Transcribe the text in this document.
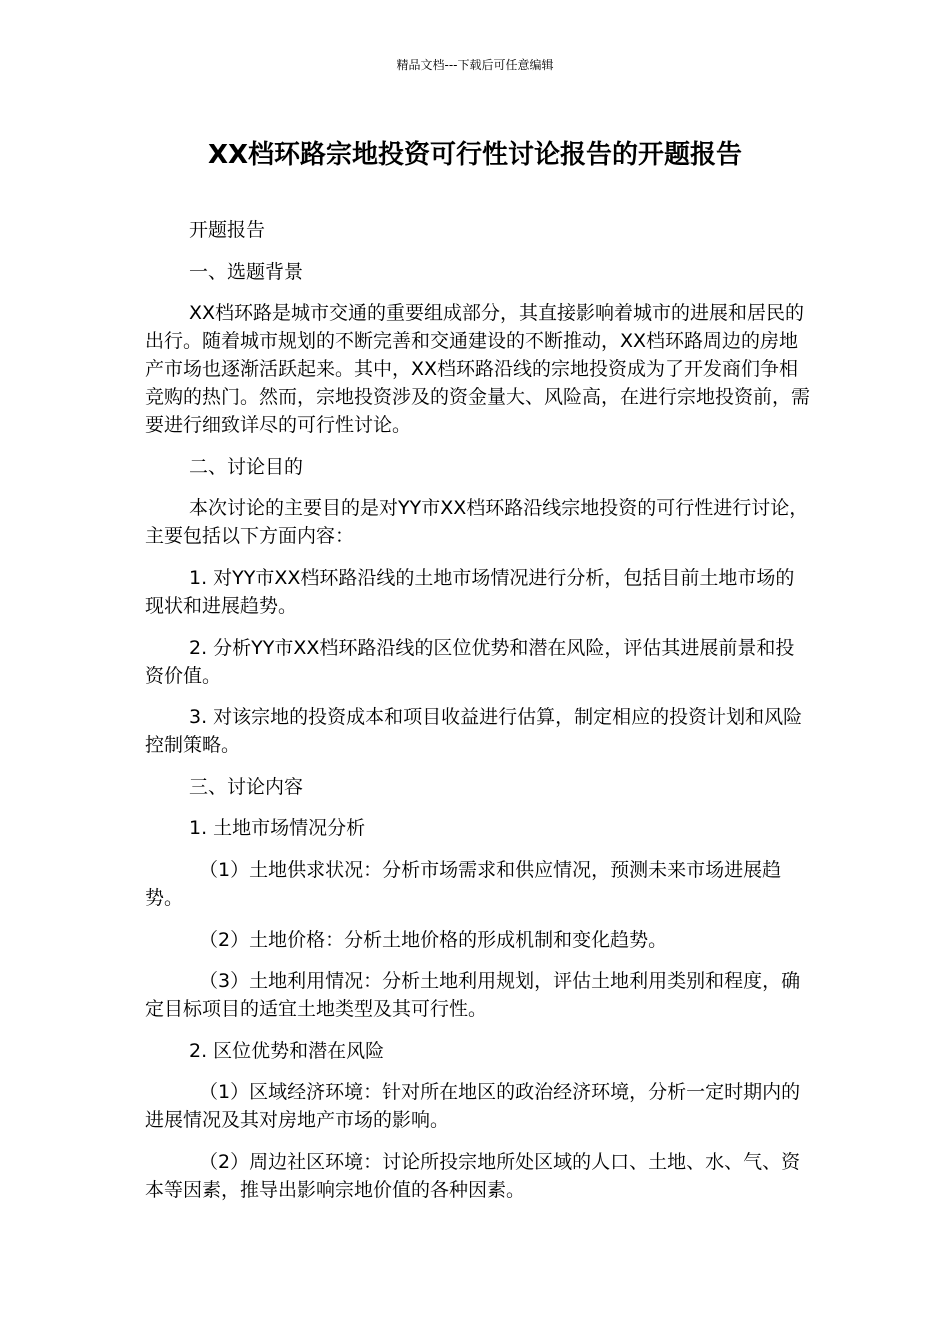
精品文档---下载后可任意编辑
XX档环路宗地投资可行性讨论报告的开题报告

开题报告

一、选题背景

XX档环路是城市交通的重要组成部分，其直接影响着城市的进展和居民的出行。随着城市规划的不断完善和交通建设的不断推动，XX档环路周边的房地产市场也逐渐活跃起来。其中，XX档环路沿线的宗地投资成为了开发商们争相竞购的热门。然而，宗地投资涉及的资金量大、风险高，在进行宗地投资前，需要进行细致详尽的可行性讨论。

二、讨论目的

本次讨论的主要目的是对YY市XX档环路沿线宗地投资的可行性进行讨论，主要包括以下方面内容：

1. 对YY市XX档环路沿线的土地市场情况进行分析，包括目前土地市场的现状和进展趋势。

2. 分析YY市XX档环路沿线的区位优势和潜在风险，评估其进展前景和投资价值。

3. 对该宗地的投资成本和项目收益进行估算，制定相应的投资计划和风险控制策略。

三、讨论内容

1. 土地市场情况分析

（1）土地供求状况：分析市场需求和供应情况，预测未来市场进展趋势。

（2）土地价格：分析土地价格的形成机制和变化趋势。

（3）土地利用情况：分析土地利用规划，评估土地利用类别和程度，确定目标项目的适宜土地类型及其可行性。

2. 区位优势和潜在风险

（1）区域经济环境：针对所在地区的政治经济环境，分析一定时期内的进展情况及其对房地产市场的影响。

（2）周边社区环境：讨论所投宗地所处区域的人口、土地、水、气、资本等因素，推导出影响宗地价值的各种因素。
